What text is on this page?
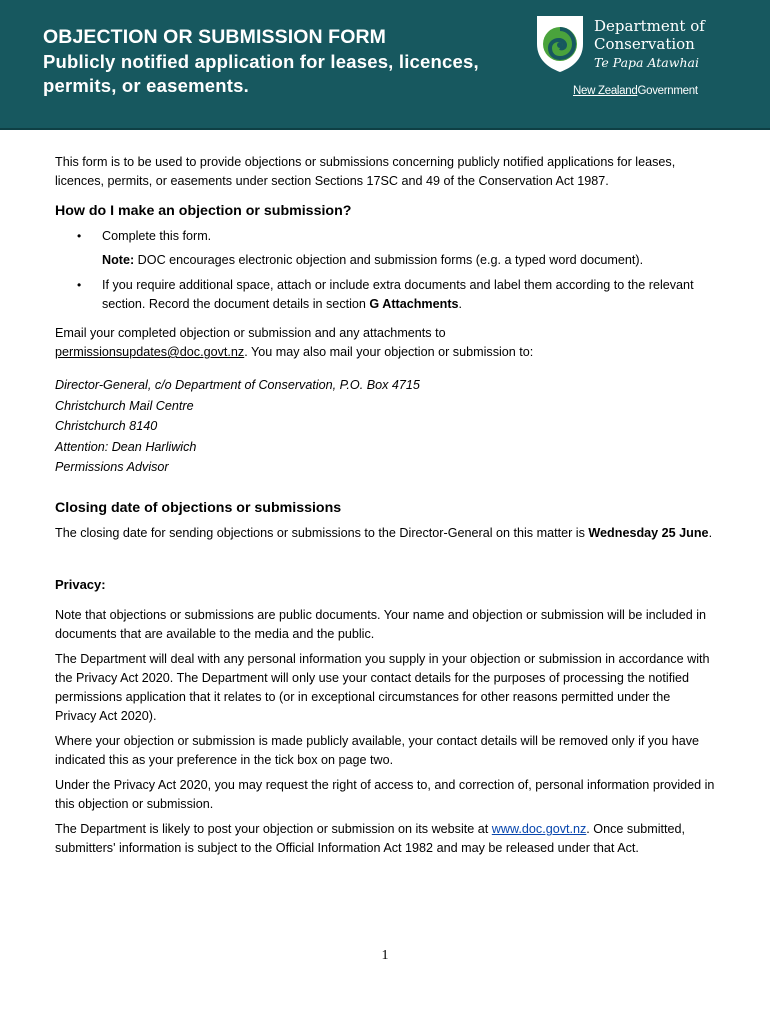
OBJECTION OR SUBMISSION FORM

Publicly notified application for leases, licences, permits, or easements.

Department of
Conservation
Te Papa Atawhai
New ZealandGovernment

This form is to be used to provide objections or submissions concerning publicly notified applications for leases, licences, permits, or easements under section Sections 17SC and 49 of the Conservation Act 1987.

How do I make an objection or submission?
• Complete this form.

Note: DOC encourages electronic objection and submission forms (e.g. a typed word document).

• If you require additional space, attach or include extra documents and label them according to the relevant section. Record the document details in section G Attachments.

Email your completed objection or submission and any attachments to
permissionsupdates@doc.govt.nz. You may also mail your objection or submission to:

Director-General, c/o Department of Conservation, P.O. Box 4715
Christchurch Mail Centre
Christchurch 8140
Attention: Dean Harliwich
Permissions Advisor
Closing date of objections or submissions

The closing date for sending objections or submissions to the Director-General on this matter is Wednesday 25 June.

Privacy:

Note that objections or submissions are public documents. Your name and objection or submission will be included in documents that are available to the media and the public.

The Department will deal with any personal information you supply in your objection or submission in accordance with the Privacy Act 2020. The Department will only use your contact details for the purposes of processing the notified permissions application that it relates to (or in exceptional circumstances for other reasons permitted under the Privacy Act 2020).

Where your objection or submission is made publicly available, your contact details will be removed only if you have indicated this as your preference in the tick box on page two.

Under the Privacy Act 2020, you may request the right of access to, and correction of, personal information provided in this objection or submission.

The Department is likely to post your objection or submission on its website at www.doc.govt.nz. Once submitted, submitters' information is subject to the Official Information Act 1982 and may be released under that Act.

1
